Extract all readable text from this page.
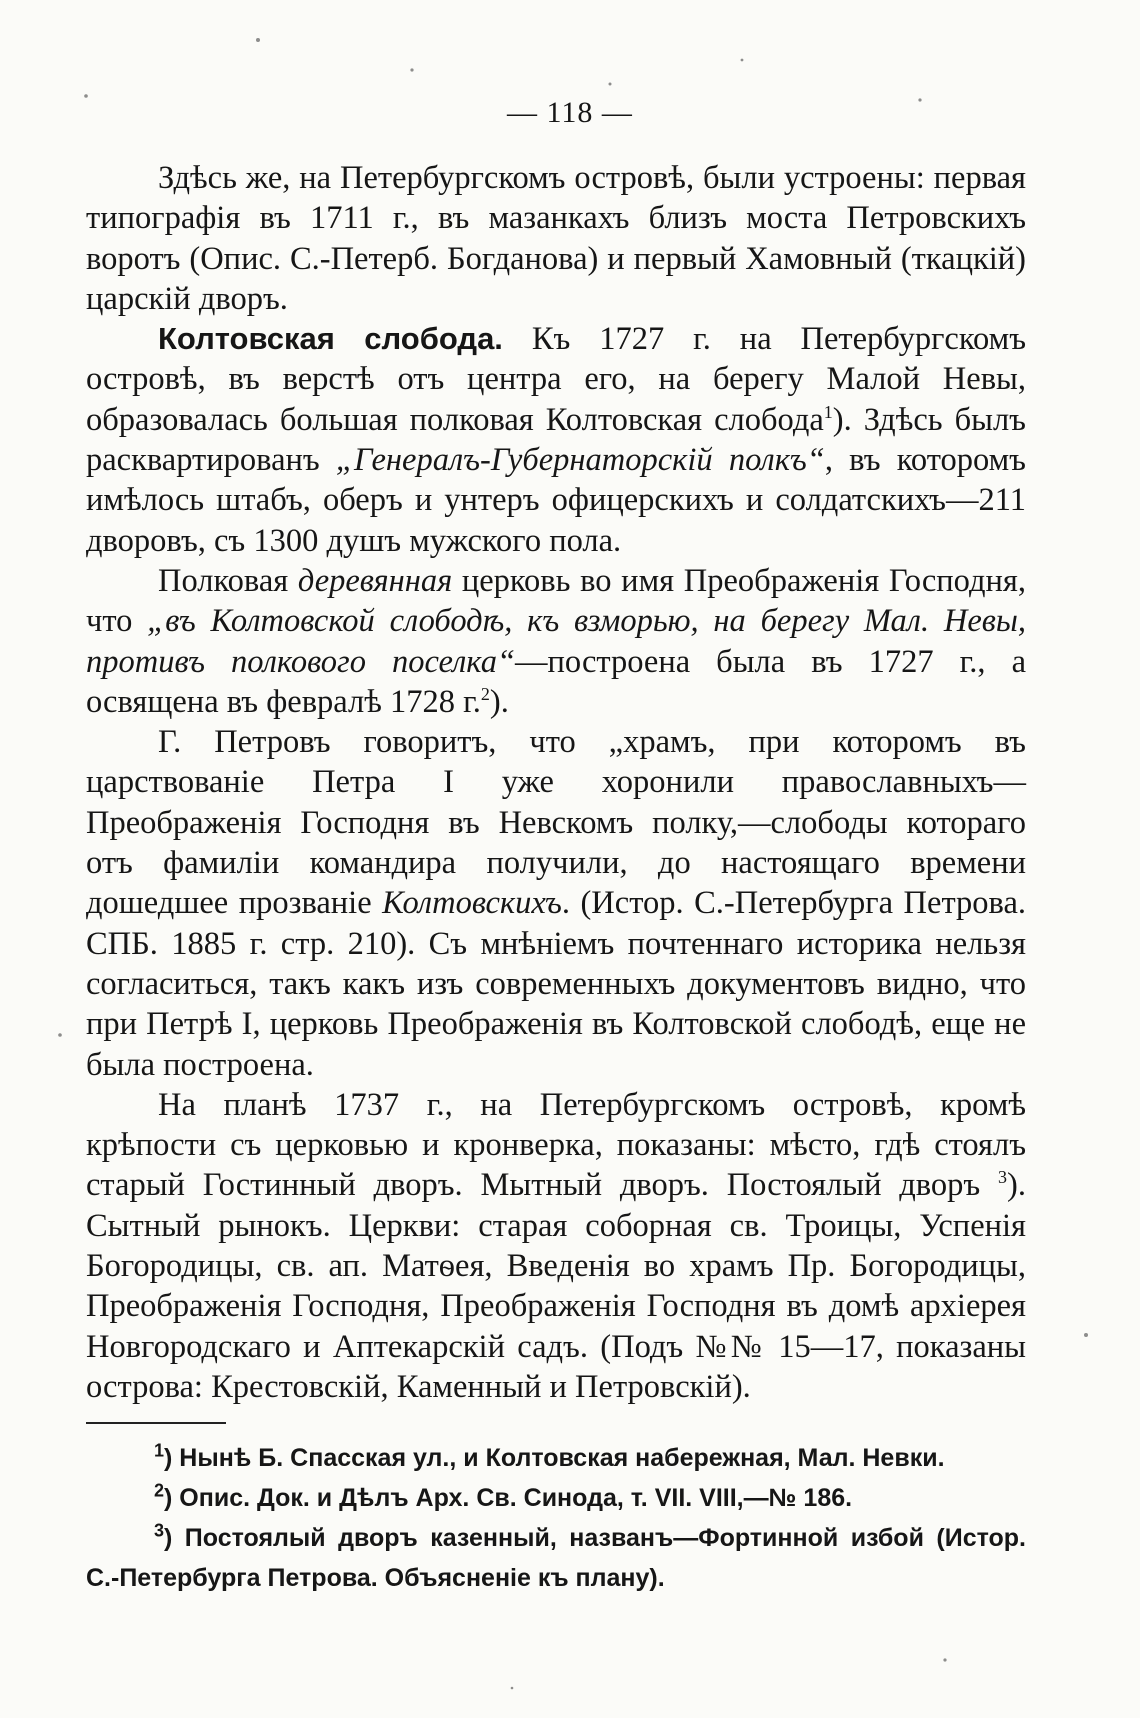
— 118 —

Здѣсь же, на Петербургскомъ островѣ, были устроены: первая типографія въ 1711 г., въ мазанкахъ близъ моста Петровскихъ воротъ (Опис. С.-Петерб. Богданова) и первый Хамовный (ткацкій) царскій дворъ.

Колтовская слобода. Къ 1727 г. на Петербургскомъ островѣ, въ верстѣ отъ центра его, на берегу Малой Невы, образовалась большая полковая Колтовская слобода$^1$). Здѣсь былъ расквартированъ „Генералъ-Губернаторскій полкъ“, въ которомъ имѣлось штабъ, оберъ и унтеръ офицерскихъ и солдатскихъ—211 дворовъ, съ 1300 душъ мужского пола.

Полковая деревянная церковь во имя Преображенія Господня, что „въ Колтовской слободѣ, къ взморью, на берегу Мал. Невы, противъ полкового поселка“—построена была въ 1727 г., а освящена въ февралѣ 1728 г.$^2$).

Г. Петровъ говоритъ, что „храмъ, при которомъ въ царствованіе Петра I уже хоронили православныхъ— Преображенія Господня въ Невскомъ полку,—слободы котораго отъ фамиліи командира получили, до настоящаго времени дошедшее прозваніе Колтовскихъ. (Истор. С.-Петербурга Петрова. СПБ. 1885 г. стр. 210). Съ мнѣніемъ почтеннаго историка нельзя согласиться, такъ какъ изъ современныхъ документовъ видно, что при Петрѣ I, церковь Преображенія въ Колтовской слободѣ, еще не была построена.

На планѣ 1737 г., на Петербургскомъ островѣ, кромѣ крѣпости съ церковью и кронверка, показаны: мѣсто, гдѣ стоялъ старый Гостинный дворъ. Мытный дворъ. Постоялый дворъ $^3$). Сытный рынокъ. Церкви: старая соборная св. Троицы, Успенія Богородицы, св. ап. Матѳея, Введенія во храмъ Пр. Богородицы, Преображенія Господня, Преображенія Господня въ домѣ архіерея Новгородскаго и Аптекарскій садъ. (Подъ №№ 15—17, показаны острова: Крестовскій, Каменный и Петровскій).

$^1$) Нынѣ Б. Спасская ул., и Колтовская набережная, Мал. Невки.

$^2$) Опис. Док. и Дѣлъ Арх. Св. Синода, т. VII. VIII,—№ 186.

$^3$) Постоялый дворъ казенный, названъ—Фортинной избой (Истор. С.-Петербурга Петрова. Объясненіе къ плану).
